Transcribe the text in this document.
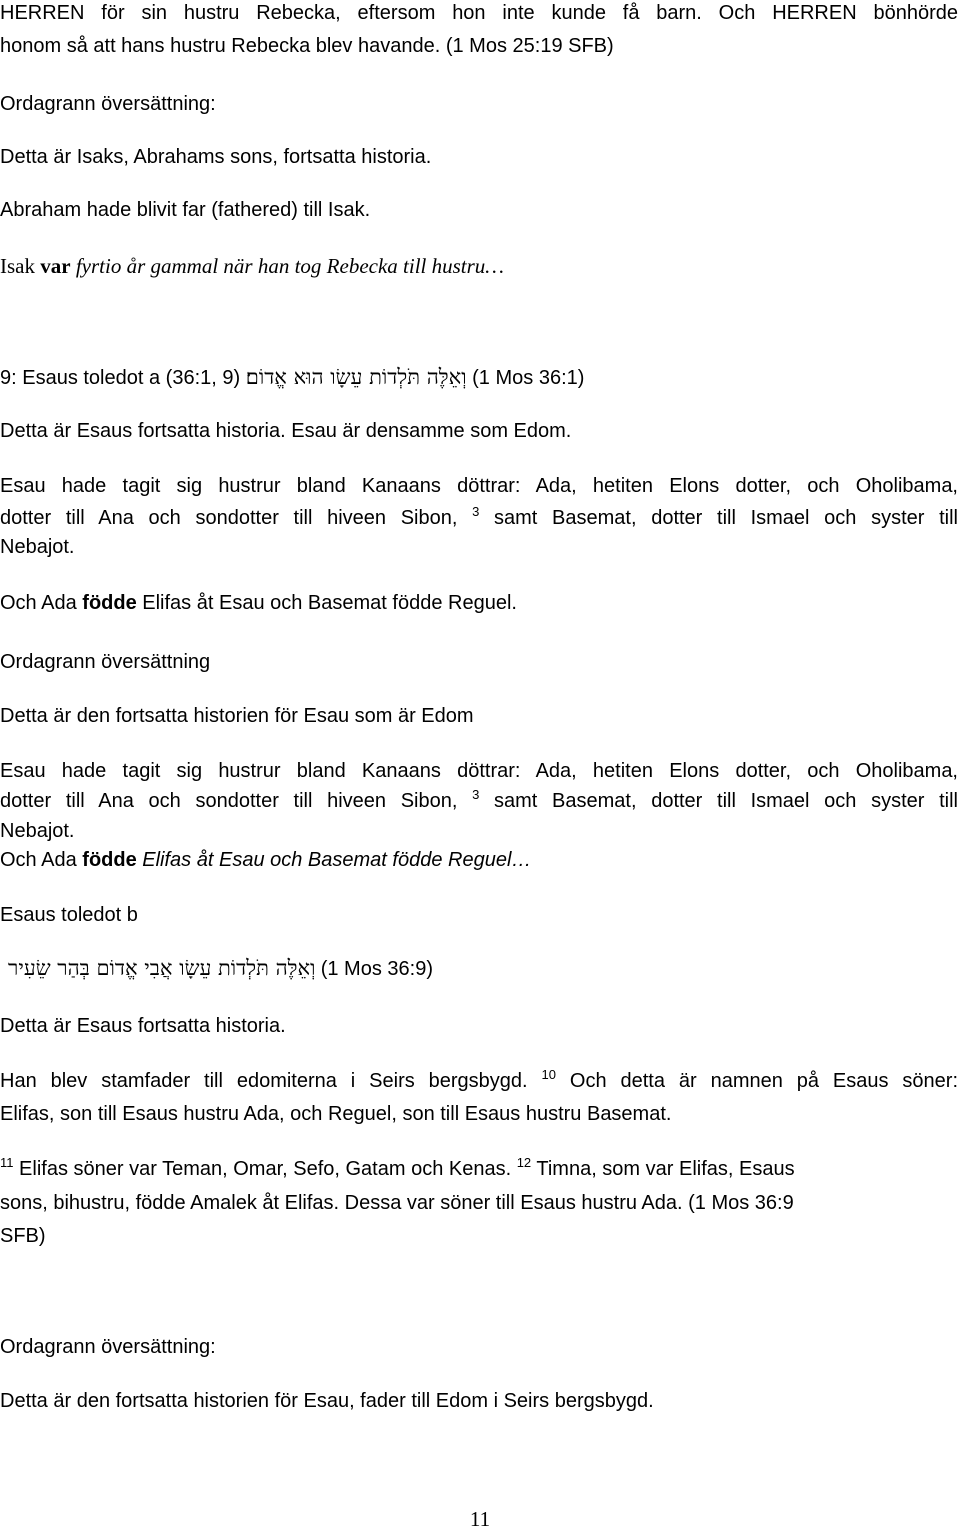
HERREN för sin hustru Rebecka, eftersom hon inte kunde få barn. Och HERREN bönhörde
honom så att hans hustru Rebecka blev havande. (1 Mos 25:19 SFB)
Ordagrann översättning:
Detta är Isaks, Abrahams sons, fortsatta historia.
Abraham hade blivit far (fathered) till Isak.
Isak var fyrtio år gammal när han tog Rebecka till hustru…
9: Esaus toledot a (36:1, 9) וְאֵלֶּה תֹּלְדוֹת עֵשָׂו הוּא אֱדוֹם׃ (1 Mos 36:1)
Detta är Esaus fortsatta historia. Esau är densamme som Edom.
Esau hade tagit sig hustrur bland Kanaans döttrar: Ada, hetiten Elons dotter, och Oholibama,
dotter till Ana och sondotter till hiveen Sibon, $^3$ samt Basemat, dotter till Ismael och syster till
Nebajot.
Och Ada födde Elifas åt Esau och Basemat födde Reguel.
Ordagrann översättning
Detta är den fortsatta historien för Esau som är Edom
Esau hade tagit sig hustrur bland Kanaans döttrar: Ada, hetiten Elons dotter, och Oholibama,
dotter till Ana och sondotter till hiveen Sibon, $^3$ samt Basemat, dotter till Ismael och syster till
Nebajot.
Och Ada födde Elifas åt Esau och Basemat födde Reguel…
Esaus toledot b
וְאֵלֶּה תֹּלְדוֹת עֵשָׂו אֲבִי אֱדוֹם בְּהַר שֵׂעִיר (1 Mos 36:9)
Detta är Esaus fortsatta historia.
Han blev stamfader till edomiterna i Seirs bergsbygd. $^{10}$ Och detta är namnen på Esaus söner:
Elifas, son till Esaus hustru Ada, och Reguel, son till Esaus hustru Basemat.
$^{11}$ Elifas söner var Teman, Omar, Sefo, Gatam och Kenas. $^{12}$ Timna, som var Elifas, Esaus
sons, bihustru, födde Amalek åt Elifas. Dessa var söner till Esaus hustru Ada. (1 Mos 36:9
SFB)
Ordagrann översättning:
Detta är den fortsatta historien för Esau, fader till Edom i Seirs bergsbygd.
11
